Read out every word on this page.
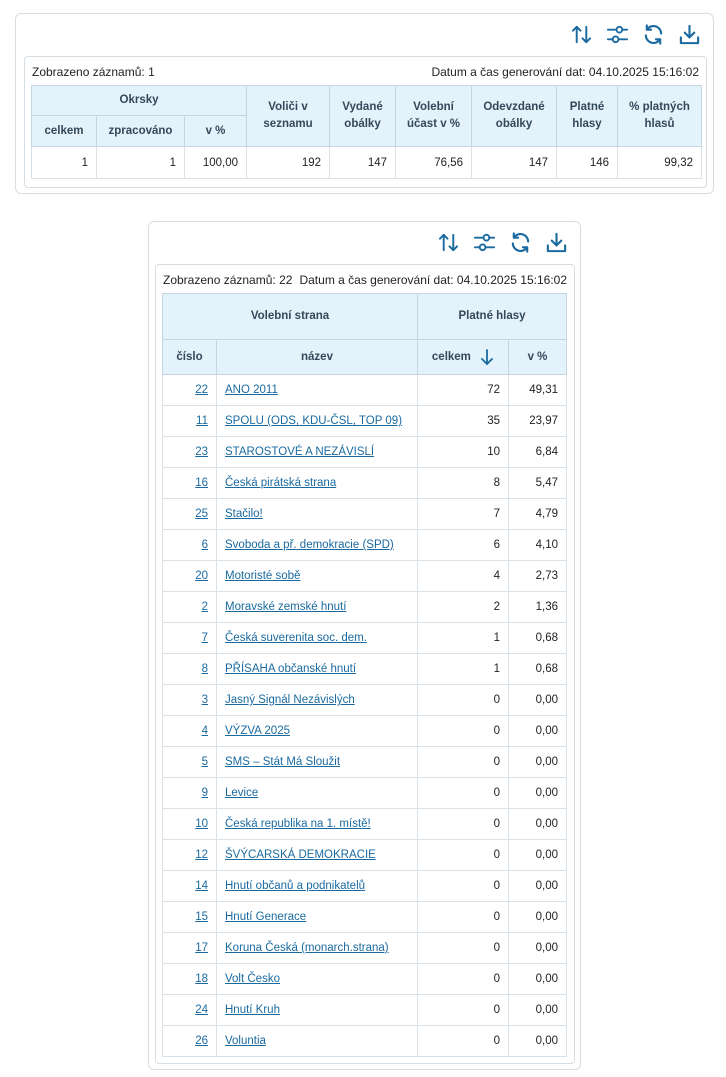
Zobrazeno záznamů: 1	Datum a čas generování dat: 04.10.2025 15:16:02
Okrsky			Voliči v seznamu	Vydané obálky	Volební účast v %	Odevzdané obálky	Platné hlasy	% platných hlasů
celkem	zpracováno	v %						
1	1	100,00	192	147	76,56	147	146	99,32
Zobrazeno záznamů: 22 Datum a čas generování dat: 04.10.2025 15:16:02
Volební strana		Platné hlasy	
číslo	název	celkem	v %
22	ANO 2011	72	49,31
11	SPOLU (ODS, KDU-ČSL, TOP 09)	35	23,97
23	STAROSTOVÉ A NEZÁVISLÍ	10	6,84
16	Česká pirátská strana	8	5,47
25	Stačilo!	7	4,79
6	Svoboda a př. demokracie (SPD)	6	4,10
20	Motoristé sobě	4	2,73
2	Moravské zemské hnutí	2	1,36
7	Česká suverenita soc. dem.	1	0,68
8	PŘÍSAHA občanské hnutí	1	0,68
3	Jasný Signál Nezávislých	0	0,00
4	VÝZVA 2025	0	0,00
5	SMS – Stát Má Sloužit	0	0,00
9	Levice	0	0,00
10	Česká republika na 1. místě!	0	0,00
12	ŠVÝCARSKÁ DEMOKRACIE	0	0,00
14	Hnutí občanů a podnikatelů	0	0,00
15	Hnutí Generace	0	0,00
17	Koruna Česká (monarch.strana)	0	0,00
18	Volt Česko	0	0,00
24	Hnutí Kruh	0	0,00
26	Voluntia	0	0,00
